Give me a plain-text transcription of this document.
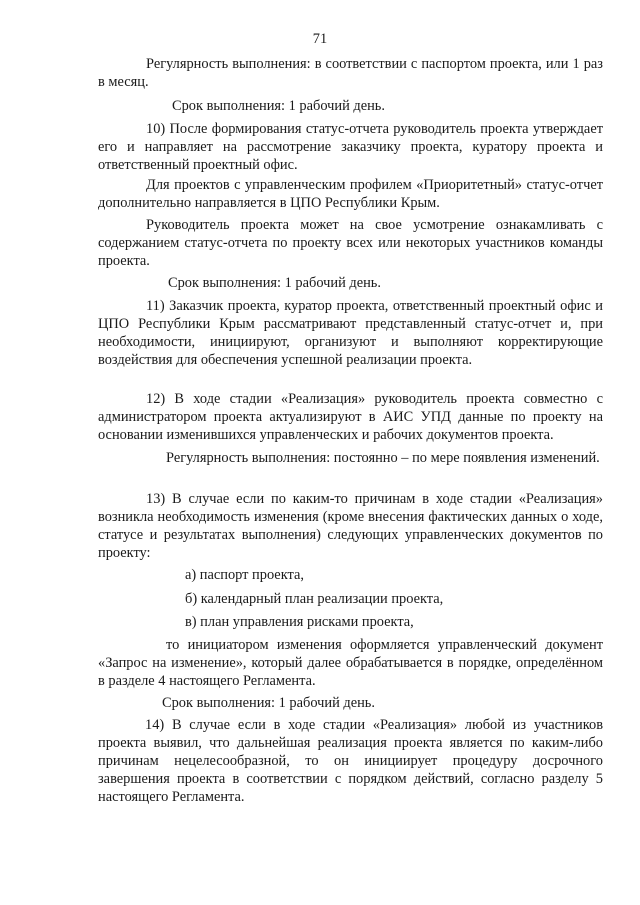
71

Регулярность выполнения: в соответствии с паспортом проекта, или 1 раз в месяц.

Срок выполнения: 1 рабочий день.

10) После формирования статус-отчета руководитель проекта утверждает его и направляет на рассмотрение заказчику проекта, куратору проекта и ответственный проектный офис.

Для проектов с управленческим профилем «Приоритетный» статус-отчет дополнительно направляется в ЦПО Республики Крым.

Руководитель проекта может на свое усмотрение ознакамливать с содержанием статус-отчета по проекту всех или некоторых участников команды проекта.

Срок выполнения: 1 рабочий день.

11) Заказчик проекта, куратор проекта, ответственный проектный офис и ЦПО Республики Крым рассматривают представленный статус-отчет и, при необходимости, инициируют, организуют и выполняют корректирующие воздействия для обеспечения успешной реализации проекта.

12) В ходе стадии «Реализация» руководитель проекта совместно с администратором проекта актуализируют в АИС УПД данные по проекту на основании изменившихся управленческих и рабочих документов проекта.

Регулярность выполнения: постоянно – по мере появления изменений.

13) В случае если по каким-то причинам в ходе стадии «Реализация» возникла необходимость изменения (кроме внесения фактических данных о ходе, статусе и результатах выполнения) следующих управленческих документов по проекту:

а) паспорт проекта,
б) календарный план реализации проекта,
в) план управления рисками проекта,

то инициатором изменения оформляется управленческий документ «Запрос на изменение», который далее обрабатывается в порядке, определённом в разделе 4 настоящего Регламента.

Срок выполнения: 1 рабочий день.

14) В случае если в ходе стадии «Реализация» любой из участников проекта выявил, что дальнейшая реализация проекта является по каким-либо причинам нецелесообразной, то он инициирует процедуру досрочного завершения проекта в соответствии с порядком действий, согласно разделу 5 настоящего Регламента.
